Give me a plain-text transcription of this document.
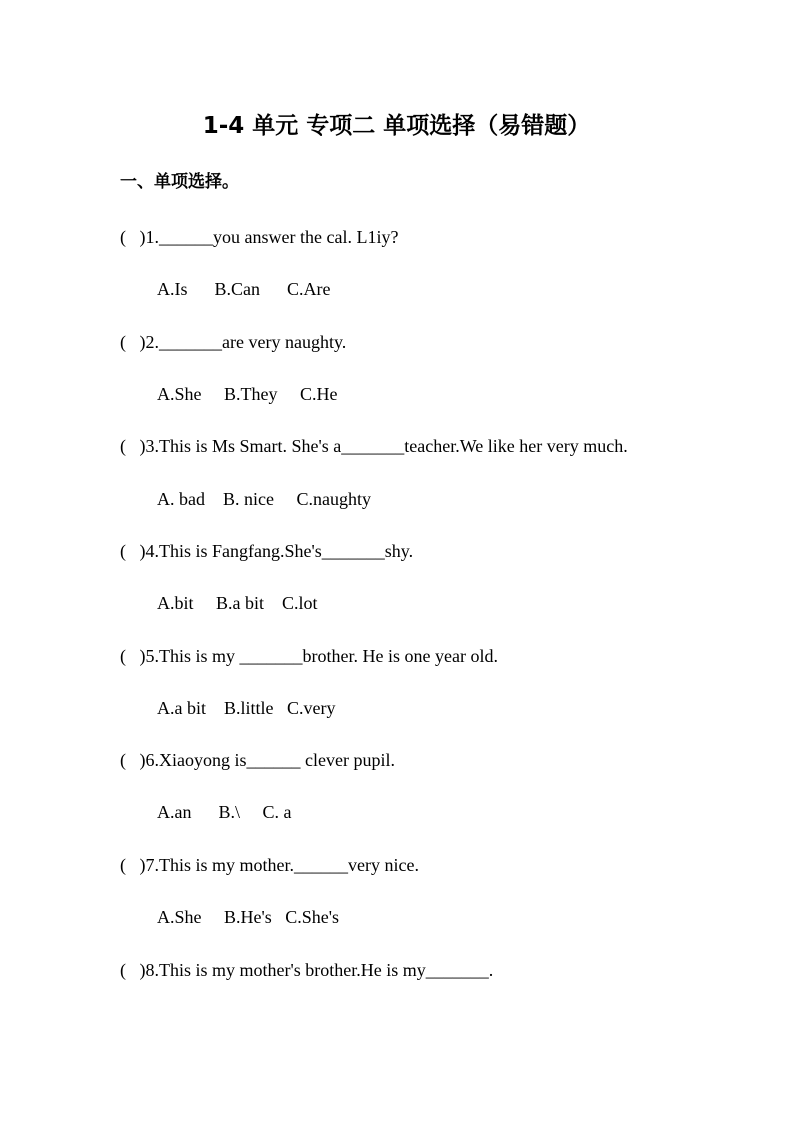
1-4 单元 专项二 单项选择（易错题）
一、单项选择。
(   )1.______you answer the cal. L1iy?
A.Is      B.Can      C.Are
(   )2._______are very naughty.
A.She     B.They     C.He
(   )3.This is Ms Smart. She's a_______teacher.We like her very much.
A. bad    B. nice     C.naughty
(   )4.This is Fangfang.She's_______shy.
A.bit     B.a bit    C.lot
(   )5.This is my _______brother. He is one year old.
A.a bit    B.little   C.very
(   )6.Xiaoyong is______ clever pupil.
A.an      B.\     C. a
(   )7.This is my mother.______very nice.
A.She     B.He's   C.She's
(   )8.This is my mother's brother.He is my_______.
